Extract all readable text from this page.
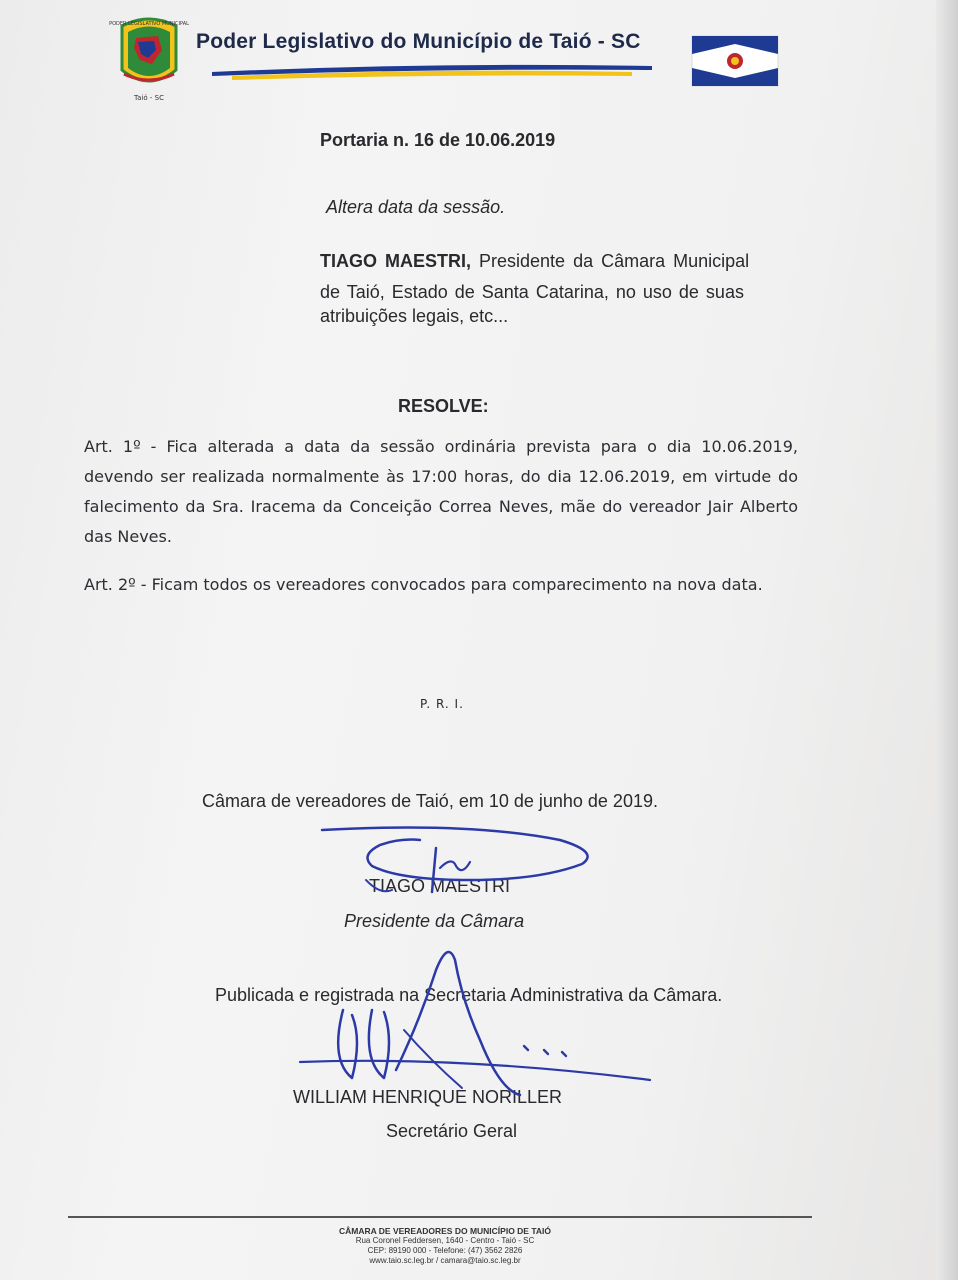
PODER LEGISLATIVO MUNICIPAL
Taió - SC
Poder Legislativo do Município de Taió - SC
Portaria n. 16 de 10.06.2019
Altera data da sessão.
TIAGO MAESTRI, Presidente da Câmara Municipal
de Taió, Estado de Santa Catarina, no uso de suas
atribuições legais, etc...
RESOLVE:
Art. 1º - Fica alterada a data da sessão ordinária prevista para o dia 10.06.2019, devendo ser realizada normalmente às 17:00 horas, do dia 12.06.2019, em virtude do falecimento da Sra. Iracema da Conceição Correa Neves, mãe do vereador Jair Alberto das Neves.
Art. 2º - Ficam todos os vereadores convocados para comparecimento na nova data.
P. R. I.
Câmara de vereadores de Taió, em 10 de junho de 2019.
TIAGO MAESTRI
Presidente da Câmara
Publicada e registrada na Secretaria Administrativa da Câmara.
WILLIAM HENRIQUE NORILLER
Secretário Geral
CÂMARA DE VEREADORES DO MUNICÍPIO DE TAIÓ
Rua Coronel Feddersen, 1640 - Centro - Taió - SC
CEP: 89190 000 - Telefone: (47) 3562 2826
www.taio.sc.leg.br / camara@taio.sc.leg.br
